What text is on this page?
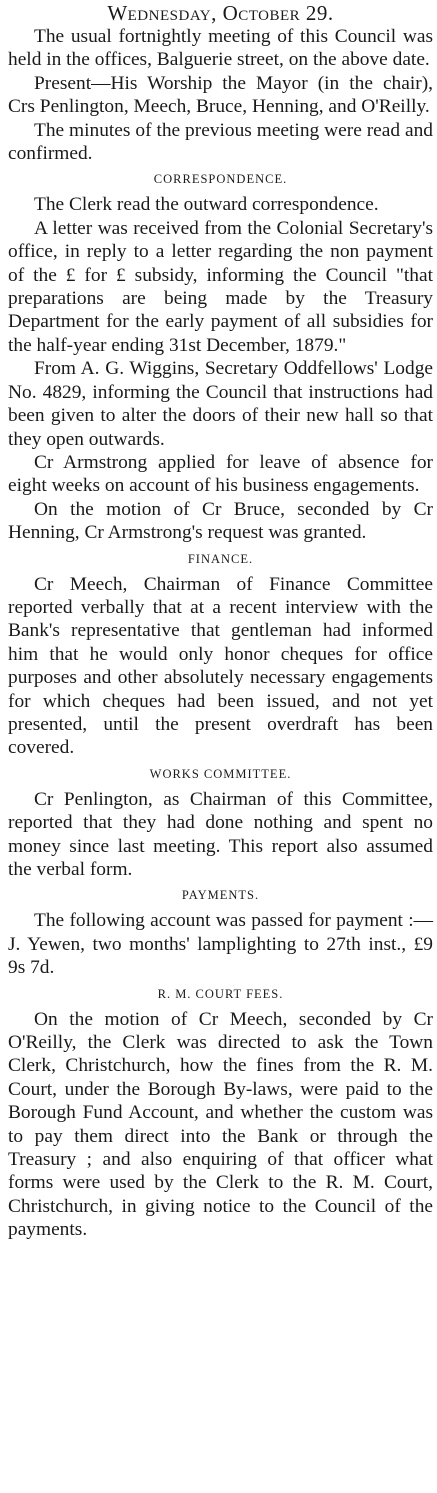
Wednesday, October 29.

The usual fortnightly meeting of this Council was held in the offices, Balguerie street, on the above date.

Present—His Worship the Mayor (in the chair), Crs Penlington, Meech, Bruce, Henning, and O'Reilly.

The minutes of the previous meeting were read and confirmed.

CORRESPONDENCE.

The Clerk read the outward correspondence.

A letter was received from the Colonial Secretary's office, in reply to a letter regarding the non payment of the £ for £ subsidy, informing the Council "that preparations are being made by the Treasury Department for the early payment of all subsidies for the half-year ending 31st December, 1879."

From A. G. Wiggins, Secretary Oddfellows' Lodge No. 4829, informing the Council that instructions had been given to alter the doors of their new hall so that they open outwards.

Cr Armstrong applied for leave of absence for eight weeks on account of his business engagements.

On the motion of Cr Bruce, seconded by Cr Henning, Cr Armstrong's request was granted.

FINANCE.

Cr Meech, Chairman of Finance Committee reported verbally that at a recent interview with the Bank's representative that gentleman had informed him that he would only honor cheques for office purposes and other absolutely necessary engagements for which cheques had been issued, and not yet presented, until the present overdraft has been covered.

WORKS COMMITTEE.

Cr Penlington, as Chairman of this Committee, reported that they had done nothing and spent no money since last meeting. This report also assumed the verbal form.

PAYMENTS.

The following account was passed for payment :—J. Yewen, two months' lamplighting to 27th inst., £9 9s 7d.

R. M. COURT FEES.

On the motion of Cr Meech, seconded by Cr O'Reilly, the Clerk was directed to ask the Town Clerk, Christchurch, how the fines from the R. M. Court, under the Borough By-laws, were paid to the Borough Fund Account, and whether the custom was to pay them direct into the Bank or through the Treasury ; and also enquiring of that officer what forms were used by the Clerk to the R. M. Court, Christchurch, in giving notice to the Council of the payments.
